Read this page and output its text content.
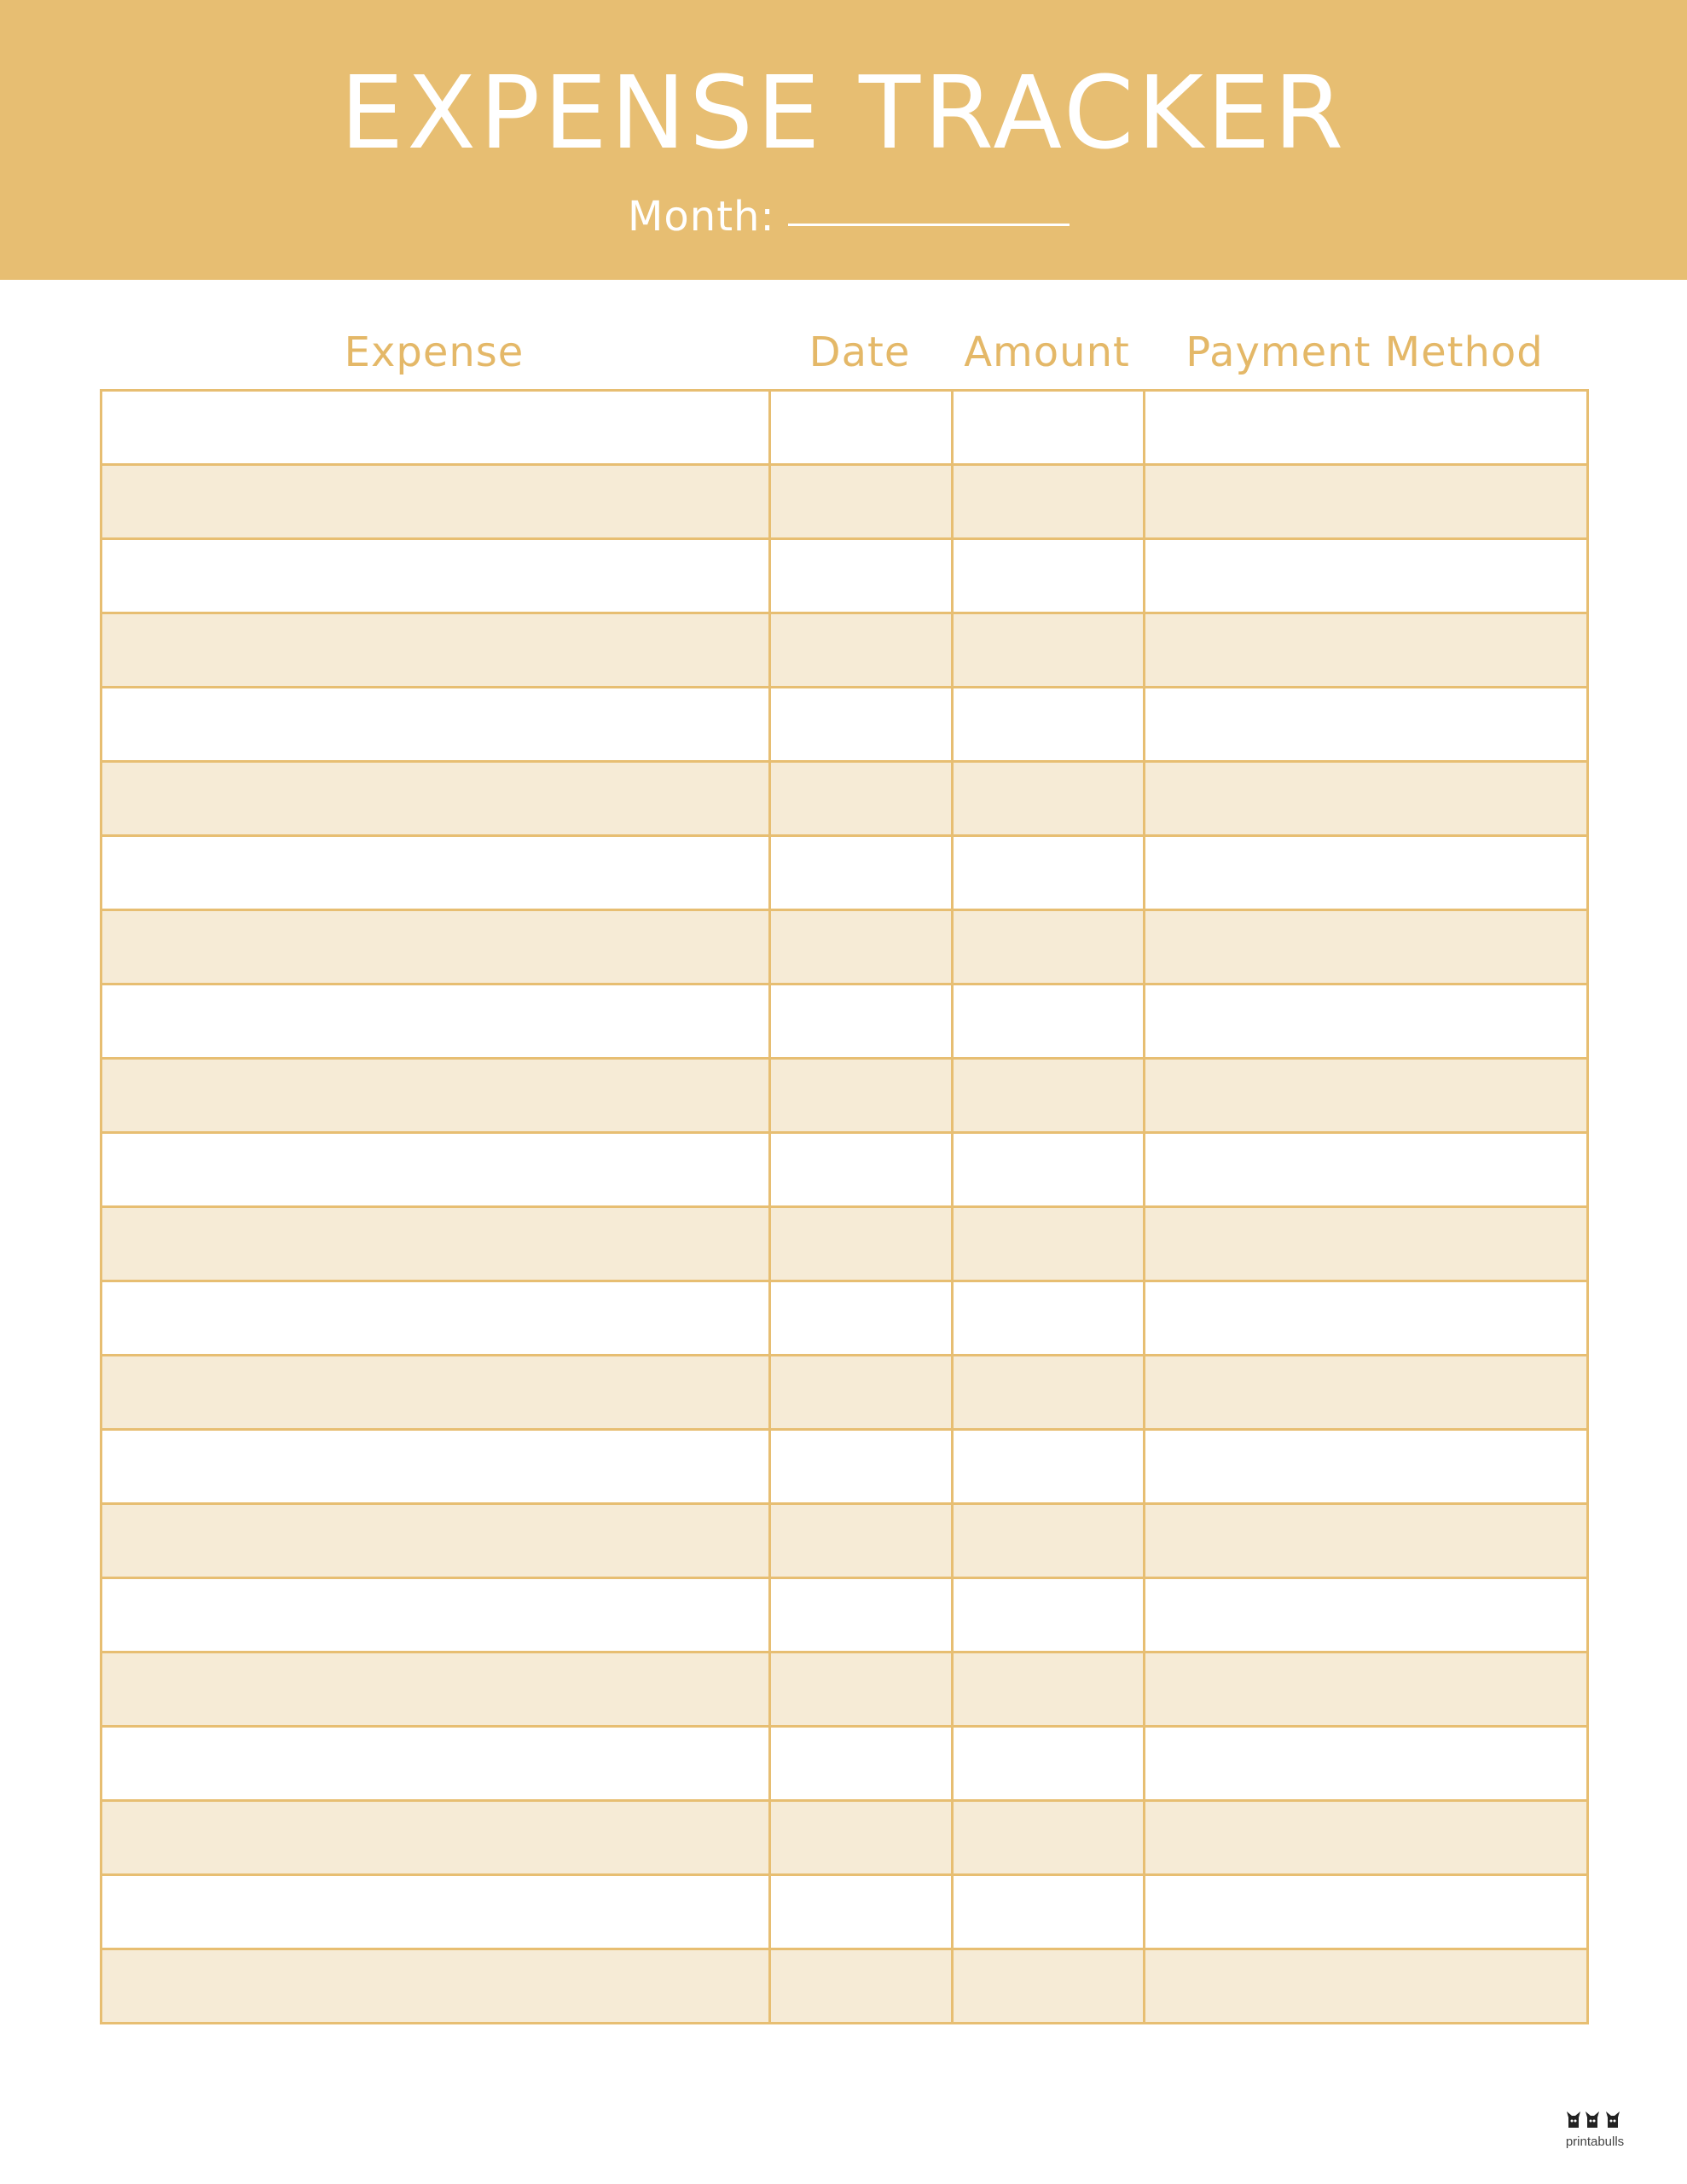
EXPENSE TRACKER
Month:
Expense	Date	Amount	Payment Method

printabulls
